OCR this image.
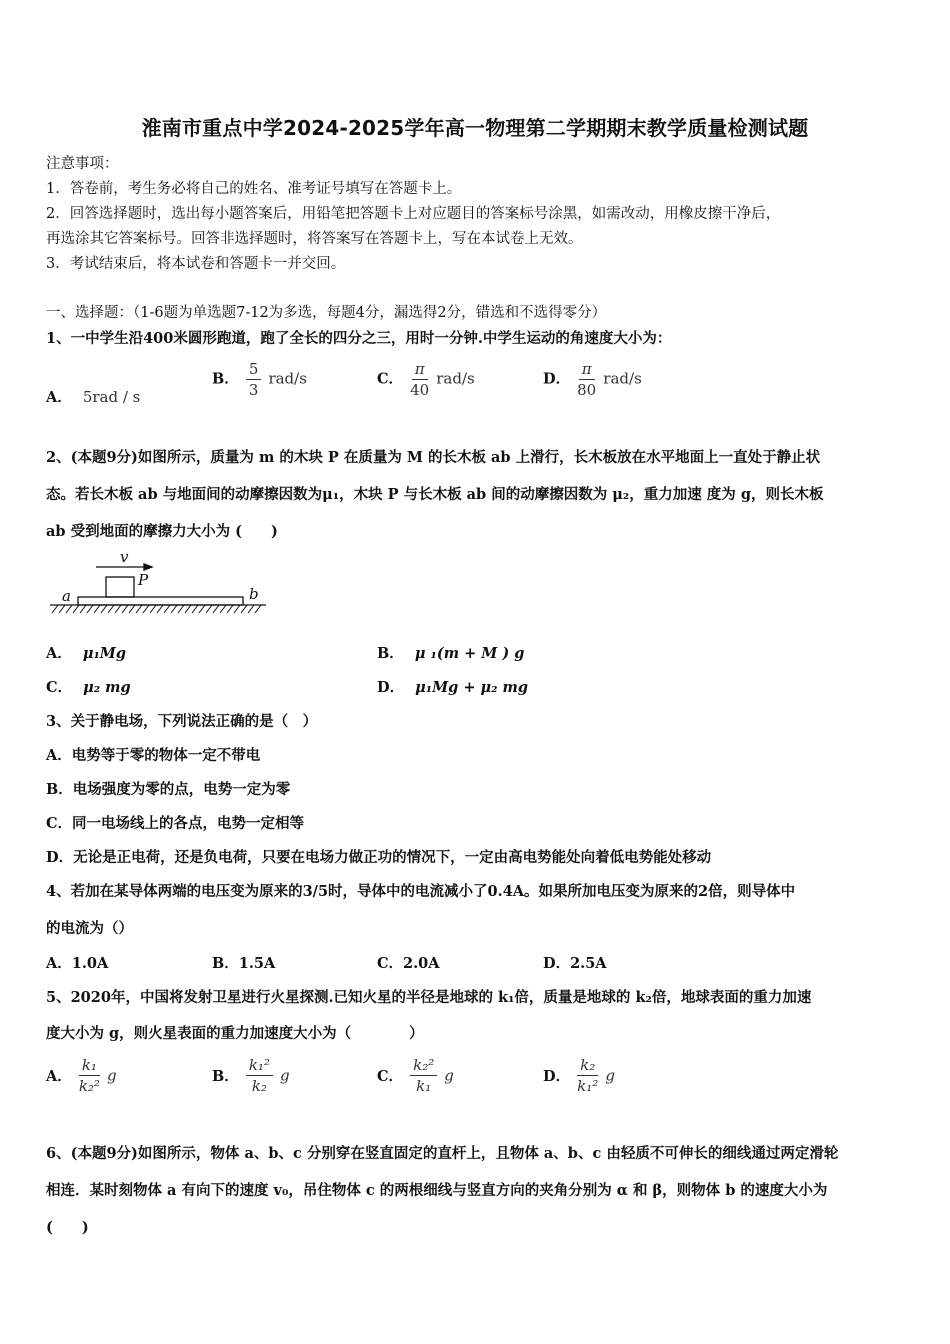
淮南市重点中学2024-2025学年高一物理第二学期期末教学质量检测试题
注意事项：
1．答卷前，考生务必将自己的姓名、准考证号填写在答题卡上。
2．回答选择题时，选出每小题答案后，用铅笔把答题卡上对应题目的答案标号涂黑，如需改动，用橡皮擦干净后，
再选涂其它答案标号。回答非选择题时，将答案写在答题卡上，写在本试卷上无效。
3．考试结束后，将本试卷和答题卡一并交回。
一、选择题：（1-6题为单选题7-12为多选，每题4分，漏选得2分，错选和不选得零分）
1、一中学生沿400米圆形跑道，跑了全长的四分之三，用时一分钟.中学生运动的角速度大小为：
A． 5rad / s
B． $\frac{5}{3} rad/s$	C． $\frac{\pi}{40} rad/s$	D． $\frac{\pi}{80} rad/s$
2、(本题9分)如图所示，质量为 m 的木块 P 在质量为 M 的长木板 ab 上滑行，长木板放在水平地面上一直处于静止状
态。若长木板 ab 与地面间的动摩擦因数为μ₁，木块 P 与长木板 ab 间的动摩擦因数为 μ₂，重力加速 度为 g，则长木板
ab 受到地面的摩擦力大小为 (　　)
v
P
a	b
A． μ₁Mg	B． μ ₁(m + M ) g
C． μ₂ mg	D． μ₁Mg + μ₂ mg
3、关于静电场，下列说法正确的是（　）
A．电势等于零的物体一定不带电
B．电场强度为零的点，电势一定为零
C．同一电场线上的各点，电势一定相等
D．无论是正电荷，还是负电荷，只要在电场力做正功的情况下，一定由高电势能处向着低电势能处移动
4、若加在某导体两端的电压变为原来的3/5时，导体中的电流减小了0.4A。如果所加电压变为原来的2倍，则导体中
的电流为（）
A．1.0A	B．1.5A	C．2.0A	D．2.5A
5、2020年，中国将发射卫星进行火星探测.已知火星的半径是地球的 k₁倍，质量是地球的 k₂倍，地球表面的重力加速
度大小为 g，则火星表面的重力加速度大小为（　　　　）
A． $\frac{\text{k₁}}{\text{k₂²}}$ g	B． $\frac{\text{k₁²}}{\text{k₂}}$ g	C． $\frac{\text{k₂²}}{\text{k₁}}$ g	D． $\frac{\text{k₂}}{\text{k₁²}}$ g
6、(本题9分)如图所示，物体 a、b、c 分别穿在竖直固定的直杆上，且物体 a、b、c 由轻质不可伸长的细线通过两定滑轮
相连．某时刻物体 a 有向下的速度 v₀，吊住物体 c 的两根细线与竖直方向的夹角分别为 α 和 β，则物体 b 的速度大小为
(　　)
